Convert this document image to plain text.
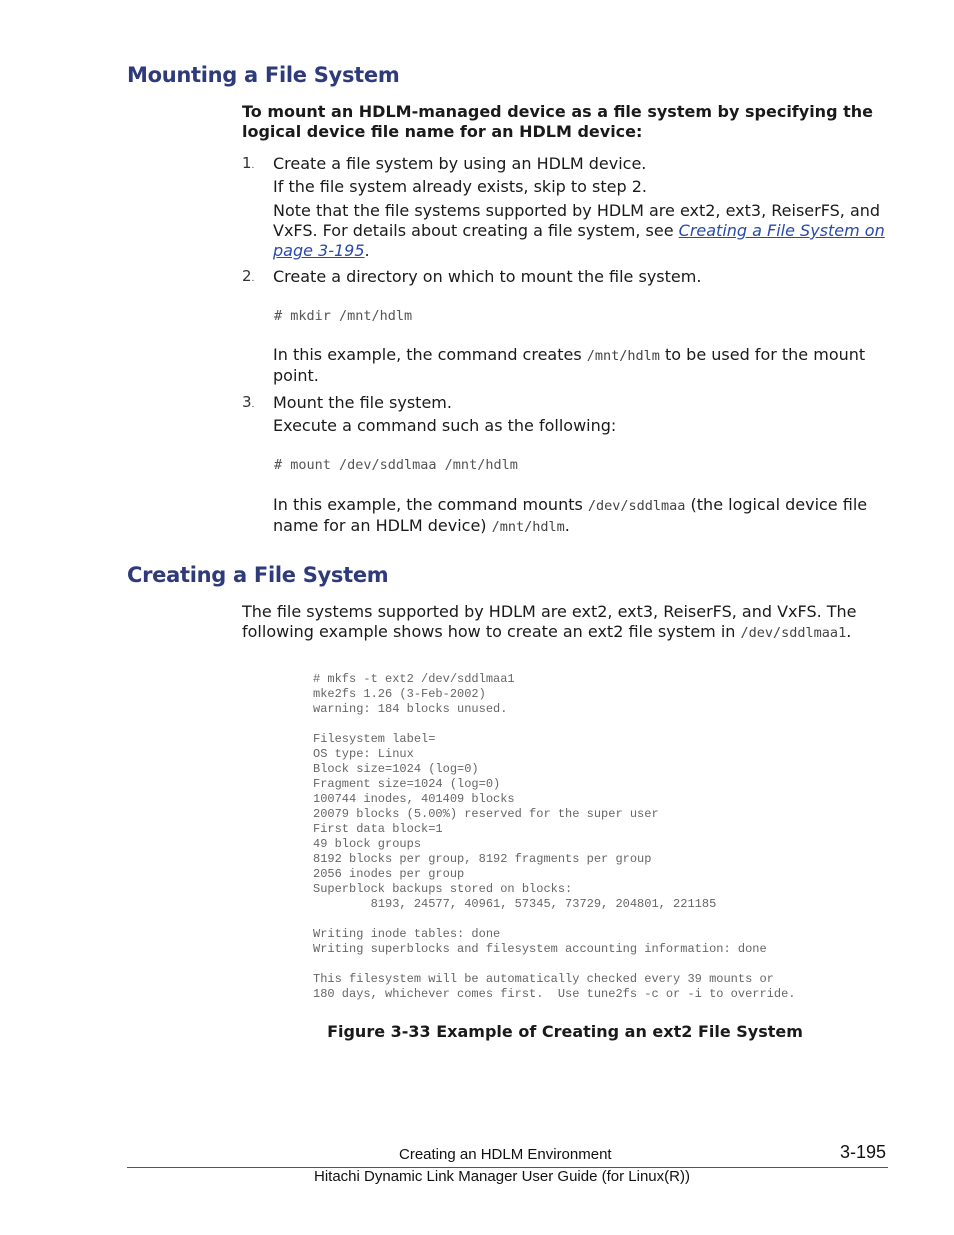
Mounting a File System
To mount an HDLM-managed device as a file system by specifying the logical device file name for an HDLM device:
1. Create a file system by using an HDLM device.
If the file system already exists, skip to step 2.
Note that the file systems supported by HDLM are ext2, ext3, ReiserFS, and VxFS. For details about creating a file system, see Creating a File System on page 3-195.
2. Create a directory on which to mount the file system.
# mkdir /mnt/hdlm
In this example, the command creates /mnt/hdlm to be used for the mount point.
3. Mount the file system.
Execute a command such as the following:
# mount /dev/sddlmaa /mnt/hdlm
In this example, the command mounts /dev/sddlmaa (the logical device file name for an HDLM device) /mnt/hdlm.
Creating a File System
The file systems supported by HDLM are ext2, ext3, ReiserFS, and VxFS. The following example shows how to create an ext2 file system in /dev/sddlmaa1.
# mkfs -t ext2 /dev/sddlmaa1
mke2fs 1.26 (3-Feb-2002)
warning: 184 blocks unused.

Filesystem label=
OS type: Linux
Block size=1024 (log=0)
Fragment size=1024 (log=0)
100744 inodes, 401409 blocks
20079 blocks (5.00%) reserved for the super user
First data block=1
49 block groups
8192 blocks per group, 8192 fragments per group
2056 inodes per group
Superblock backups stored on blocks:
8193, 24577, 40961, 57345, 73729, 204801, 221185

Writing inode tables: done
Writing superblocks and filesystem accounting information: done

This filesystem will be automatically checked every 39 mounts or
180 days, whichever comes first.  Use tune2fs -c or -i to override.
Figure 3-33 Example of Creating an ext2 File System
Creating an HDLM Environment	3-195
Hitachi Dynamic Link Manager User Guide (for Linux(R))
